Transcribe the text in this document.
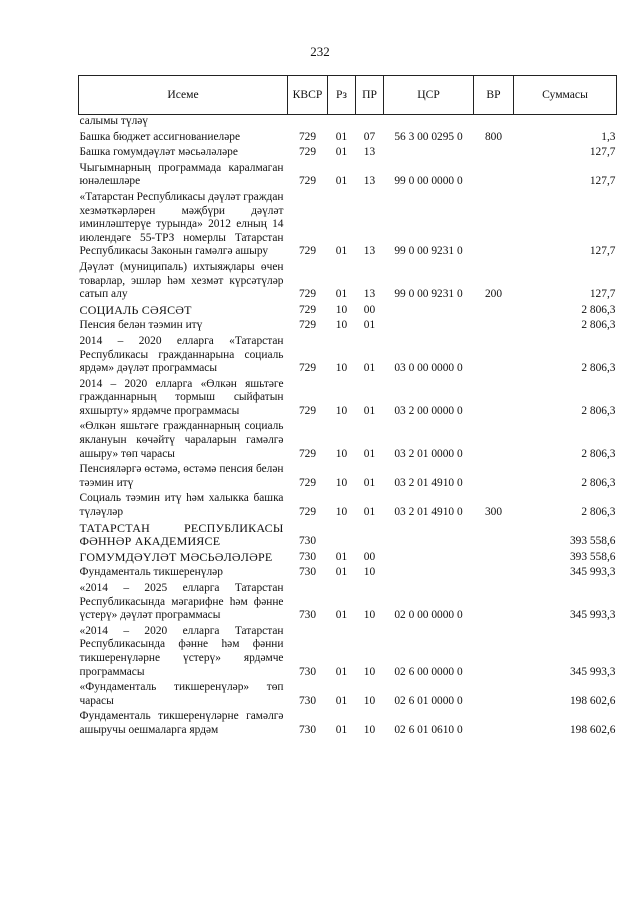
232
Исеме	КВСР	Рз	ПР	ЦСР	ВР	Суммасы
салымы түләү						
Башка бюджет ассигнованиеләре	729	01	07	56 3 00 0295 0	800	1,3
Башка гомумдәүләт мәсьәләләре	729	01	13			127,7
Чыгымнарның программада каралмаган юнәлешләре	729	01	13	99 0 00 0000 0		127,7
«Татарстан Республикасы дәүләт граждан хезмәткәрләрен мәҗбүри дәүләт иминләштерүе турында» 2012 елның 14 июлендәге 55-ТРЗ номерлы Татарстан Республикасы Законын гамәлгә ашыру	729	01	13	99 0 00 9231 0		127,7
Дәүләт (муниципаль) ихтыяҗлары өчен товарлар, эшләр һәм хезмәт күрсәтүләр сатып алу	729	01	13	99 0 00 9231 0	200	127,7
СОЦИАЛЬ СӘЯСӘТ	729	10	00			2 806,3
Пенсия белән тәэмин итү	729	10	01			2 806,3
2014 – 2020 елларга «Татарстан Республикасы гражданнарына социаль ярдәм» дәүләт программасы	729	10	01	03 0 00 0000 0		2 806,3
2014 – 2020 елларга «Өлкән яшьтәге гражданнарның тормыш сыйфатын яхшырту» ярдәмче программасы	729	10	01	03 2 00 0000 0		2 806,3
«Өлкән яшьтәге гражданнарның социаль яклануын көчәйтү чараларын гамәлгә ашыру» төп чарасы	729	10	01	03 2 01 0000 0		2 806,3
Пенсияләргә өстәмә, өстәмә пенсия белән тәэмин итү	729	10	01	03 2 01 4910 0		2 806,3
Социаль тәэмин итү һәм халыкка башка түләүләр	729	10	01	03 2 01 4910 0	300	2 806,3
ТАТАРСТАН РЕСПУБЛИКАСЫ ФӘННӘР АКАДЕМИЯСЕ	730					393 558,6
ГОМУМДӘҮЛӘТ МӘСЬӘЛӘЛӘРЕ	730	01	00			393 558,6
Фундаменталь тикшеренүләр	730	01	10			345 993,3
«2014 – 2025 елларга Татарстан Республикасында мәгарифне һәм фәнне үстерү» дәүләт программасы	730	01	10	02 0 00 0000 0		345 993,3
«2014 – 2020 елларга Татарстан Республикасында фәнне һәм фәнни тикшеренүләрне үстерү» ярдәмче программасы	730	01	10	02 6 00 0000 0		345 993,3
«Фундаменталь тикшеренүләр» төп чарасы	730	01	10	02 6 01 0000 0		198 602,6
Фундаменталь тикшеренүләрне гамәлгә ашыручы оешмаларга ярдәм	730	01	10	02 6 01 0610 0		198 602,6
